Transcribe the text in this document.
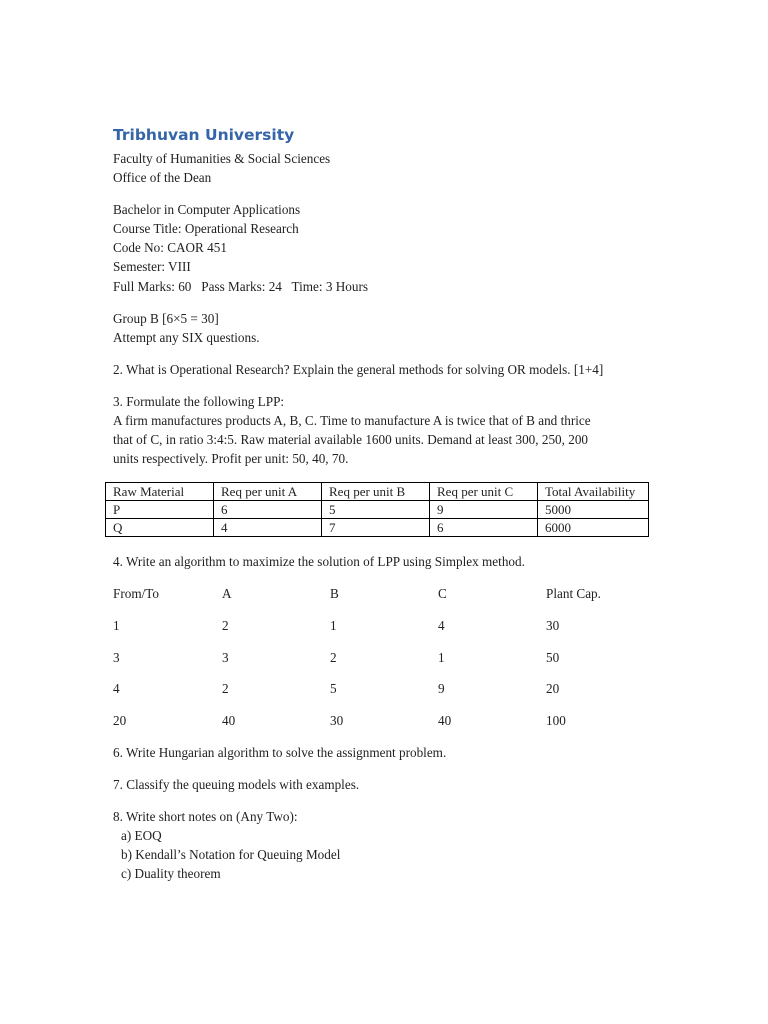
Tribhuvan University
Faculty of Humanities & Social Sciences
Office of the Dean
Bachelor in Computer Applications
Course Title: Operational Research
Code No: CAOR 451
Semester: VIII
Full Marks: 60   Pass Marks: 24   Time: 3 Hours
Group B [6×5 = 30]
Attempt any SIX questions.
2. What is Operational Research? Explain the general methods for solving OR models. [1+4]
3. Formulate the following LPP:
A firm manufactures products A, B, C. Time to manufacture A is twice that of B and thrice
that of C, in ratio 3:4:5. Raw material available 1600 units. Demand at least 300, 250, 200
units respectively. Profit per unit: 50, 40, 70.
Raw Material	Req per unit A	Req per unit B	Req per unit C	Total Availability
P	6	5	9	5000
Q	4	7	6	6000
4. Write an algorithm to maximize the solution of LPP using Simplex method.
From/To	A	B	C	Plant Cap.
1	2	1	4	30
3	3	2	1	50
4	2	5	9	20
20	40	30	40	100
6. Write Hungarian algorithm to solve the assignment problem.
7. Classify the queuing models with examples.
8. Write short notes on (Any Two):
a) EOQ
b) Kendall’s Notation for Queuing Model
c) Duality theorem
